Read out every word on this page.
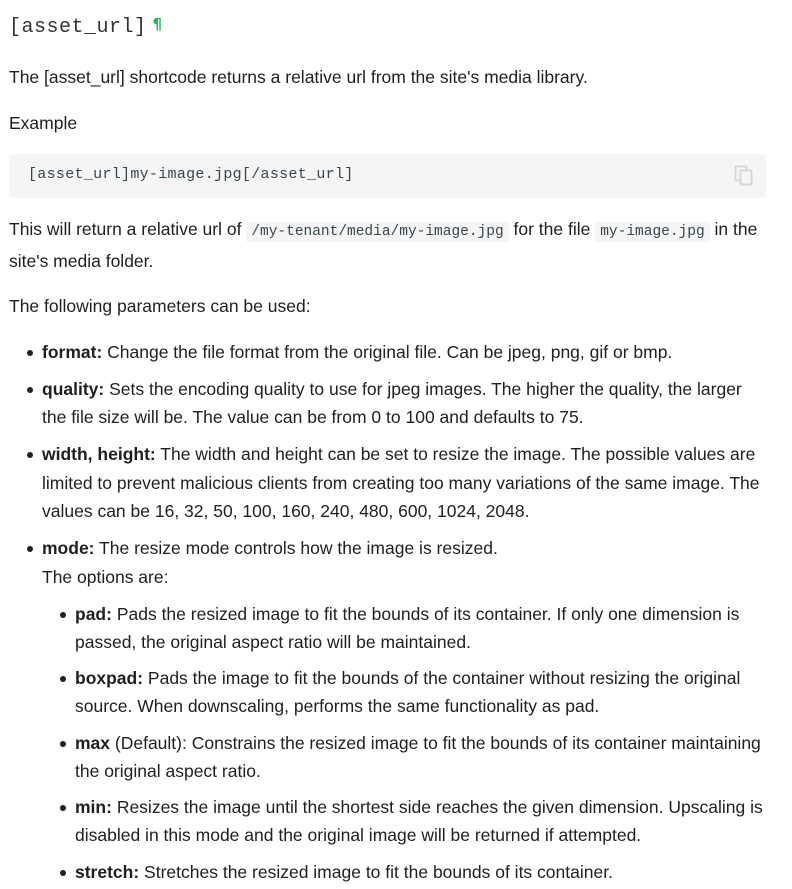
[asset_url] ¶

The [asset_url] shortcode returns a relative url from the site's media library.

Example

[asset_url]my-image.jpg[/asset_url]

This will return a relative url of /my-tenant/media/my-image.jpg for the file my-image.jpg in the site's media folder.

The following parameters can be used:

format: Change the file format from the original file. Can be jpeg, png, gif or bmp.
quality: Sets the encoding quality to use for jpeg images. The higher the quality, the larger the file size will be. The value can be from 0 to 100 and defaults to 75.
width, height: The width and height can be set to resize the image. The possible values are limited to prevent malicious clients from creating too many variations of the same image. The values can be 16, 32, 50, 100, 160, 240, 480, 600, 1024, 2048.
mode: The resize mode controls how the image is resized.
The options are:
pad: Pads the resized image to fit the bounds of its container. If only one dimension is passed, the original aspect ratio will be maintained.
boxpad: Pads the image to fit the bounds of the container without resizing the original source. When downscaling, performs the same functionality as pad.
max (Default): Constrains the resized image to fit the bounds of its container maintaining the original aspect ratio.
min: Resizes the image until the shortest side reaches the given dimension. Upscaling is disabled in this mode and the original image will be returned if attempted.
stretch: Stretches the resized image to fit the bounds of its container.
